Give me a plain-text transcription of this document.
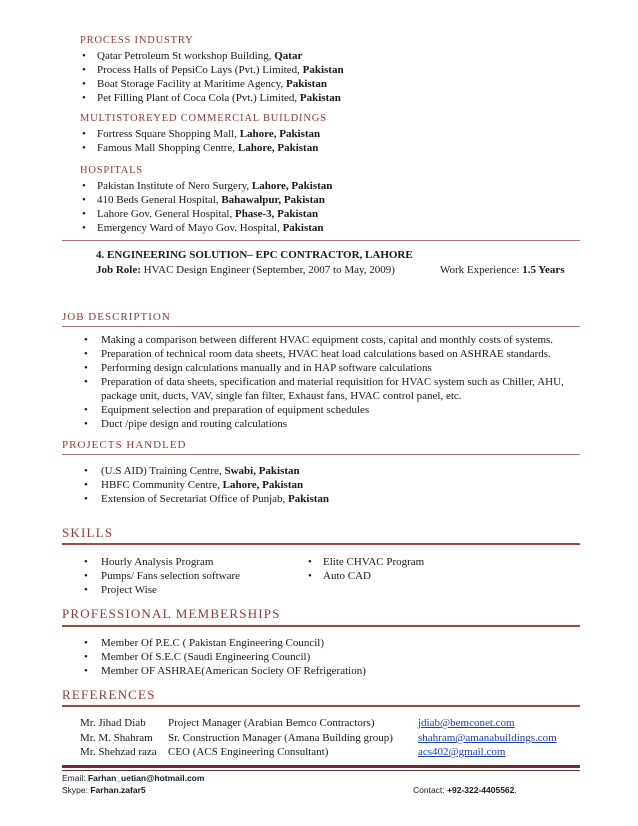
PROCESS INDUSTRY
• Qatar Petroleum St workshop Building, Qatar
• Process Halls of PepsiCo Lays (Pvt.) Limited, Pakistan
• Boat Storage Facility at Maritime Agency, Pakistan
• Pet Filling Plant of Coca Cola (Pvt.) Limited, Pakistan
MULTISTOREYED COMMERCIAL BUILDINGS
• Fortress Square Shopping Mall, Lahore, Pakistan
• Famous Mall Shopping Centre, Lahore, Pakistan
HOSPITALS
• Pakistan Institute of Nero Surgery, Lahore, Pakistan
• 410 Beds General Hospital, Bahawalpur, Pakistan
• Lahore Gov. General Hospital, Phase-3, Pakistan
• Emergency Ward of Mayo Gov. Hospital, Pakistan
4. ENGINEERING SOLUTION– EPC CONTRACTOR, LAHORE
Job Role: HVAC Design Engineer (September, 2007 to May, 2009)	Work Experience: 1.5 Years
JOB DESCRIPTION
• Making a comparison between different HVAC equipment costs, capital and monthly costs of systems.
• Preparation of technical room data sheets, HVAC heat load calculations based on ASHRAE standards.
• Performing design calculations manually and in HAP software calculations
• Preparation of data sheets, specification and material requisition for HVAC system such as Chiller, AHU, package unit, ducts, VAV, single fan filter, Exhaust fans, HVAC control panel, etc.
• Equipment selection and preparation of equipment schedules
• Duct /pipe design and routing calculations
PROJECTS HANDLED
• (U.S AID) Training Centre, Swabi, Pakistan
• HBFC Community Centre, Lahore, Pakistan
• Extension of Secretariat Office of Punjab, Pakistan
SKILLS
• Hourly Analysis Program
• Pumps/ Fans selection software
• Project Wise
• Elite CHVAC Program
• Auto CAD
PROFESSIONAL MEMBERSHIPS
• Member Of P.E.C ( Pakistan Engineering Council)
• Member Of S.E.C (Saudi Engineering Council)
• Member OF ASHRAE(American Society OF Refrigeration)
REFERENCES
Mr. Jihad Diab Project Manager (Arabian Bemco Contractors)	jdiab@bemconet.com
Mr. M. Shahram Sr. Construction Manager (Amana Building group) shahram@amanabuildings.com
Mr. Shehzad raza CEO (ACS Engineering Consultant)	acs402@gmail.com
Email: Farhan_uetian@hotmail.com
Skype: Farhan.zafar5	Contact: +92-322-4405562.
